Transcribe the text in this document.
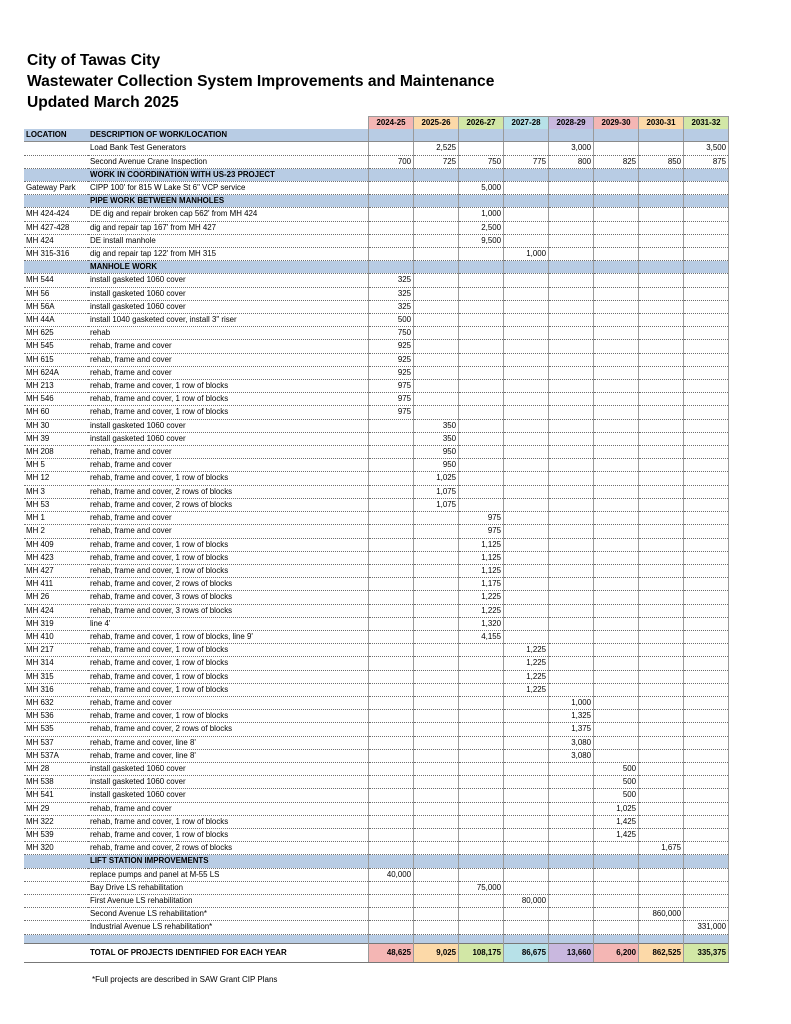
City of Tawas City
Wastewater Collection System Improvements and Maintenance
Updated March 2025
		2024-25	2025-26	2026-27	2027-28	2028-29	2029-30	2030-31	2031-32
LOCATION	DESCRIPTION OF WORK/LOCATION								
	Load Bank Test Generators		2,525			3,000			3,500
	Second Avenue Crane Inspection	700	725	750	775	800	825	850	875
	WORK IN COORDINATION WITH US-23 PROJECT								
Gateway Park	CIPP 100' for 815 W Lake St 6" VCP service			5,000					
	PIPE WORK BETWEEN MANHOLES								
MH 424-424	DE dig and repair broken cap 562' from MH 424			1,000					
MH 427-428	dig and repair tap 167' from MH 427			2,500					
MH 424	DE install manhole			9,500					
MH 315-316	dig and repair tap 122' from MH 315				1,000				
	MANHOLE WORK								
MH 544	install gasketed 1060 cover	325							
MH 56	install gasketed 1060 cover	325							
MH 56A	install gasketed 1060 cover	325							
MH 44A	install 1040 gasketed cover, install 3" riser	500							
MH 625	rehab	750							
MH 545	rehab, frame and cover	925							
MH 615	rehab, frame and cover	925							
MH 624A	rehab, frame and cover	925							
MH 213	rehab, frame and cover, 1 row of blocks	975							
MH 546	rehab, frame and cover, 1 row of blocks	975							
MH 60	rehab, frame and cover, 1 row of blocks	975							
MH 30	install gasketed 1060 cover		350						
MH 39	install gasketed 1060 cover		350						
MH 208	rehab, frame and cover		950						
MH 5	rehab, frame and cover		950						
MH 12	rehab, frame and cover, 1 row of blocks		1,025						
MH 3	rehab, frame and cover, 2 rows of blocks		1,075						
MH 53	rehab, frame and cover, 2 rows of blocks		1,075						
MH 1	rehab, frame and cover			975					
MH 2	rehab, frame and cover			975					
MH 409	rehab, frame and cover, 1 row of blocks			1,125					
MH 423	rehab, frame and cover, 1 row of blocks			1,125					
MH 427	rehab, frame and cover, 1 row of blocks			1,125					
MH 411	rehab, frame and cover, 2 rows of blocks			1,175					
MH 26	rehab, frame and cover, 3 rows of blocks			1,225					
MH 424	rehab, frame and cover, 3 rows of blocks			1,225					
MH 319	line 4'			1,320					
MH 410	rehab, frame and cover, 1 row of blocks, line 9'			4,155					
MH 217	rehab, frame and cover, 1 row of blocks				1,225				
MH 314	rehab, frame and cover, 1 row of blocks				1,225				
MH 315	rehab, frame and cover, 1 row of blocks				1,225				
MH 316	rehab, frame and cover, 1 row of blocks				1,225				
MH 632	rehab, frame and cover					1,000			
MH 536	rehab, frame and cover, 1 row of blocks					1,325			
MH 535	rehab, frame and cover, 2 rows of blocks					1,375			
MH 537	rehab, frame and cover, line 8'					3,080			
MH 537A	rehab, frame and cover, line 8'					3,080			
MH 28	install gasketed 1060 cover						500		
MH 538	install gasketed 1060 cover						500		
MH 541	install gasketed 1060 cover						500		
MH 29	rehab, frame and cover						1,025		
MH 322	rehab, frame and cover, 1 row of blocks						1,425		
MH 539	rehab, frame and cover, 1 row of blocks						1,425		
MH 320	rehab, frame and cover, 2 rows of blocks							1,675	
	LIFT STATION IMPROVEMENTS								
	replace pumps and panel at M-55 LS	40,000							
	Bay Drive LS rehabilitation			75,000					
	First Avenue LS rehabilitation				80,000				
	Second Avenue LS rehabilitation*							860,000	
	Industrial Avenue LS rehabilitation*								331,000

	TOTAL OF PROJECTS IDENTIFIED FOR EACH YEAR	48,625	9,025	108,175	86,675	13,660	6,200	862,525	335,375
*Full projects are described in SAW Grant CIP Plans
